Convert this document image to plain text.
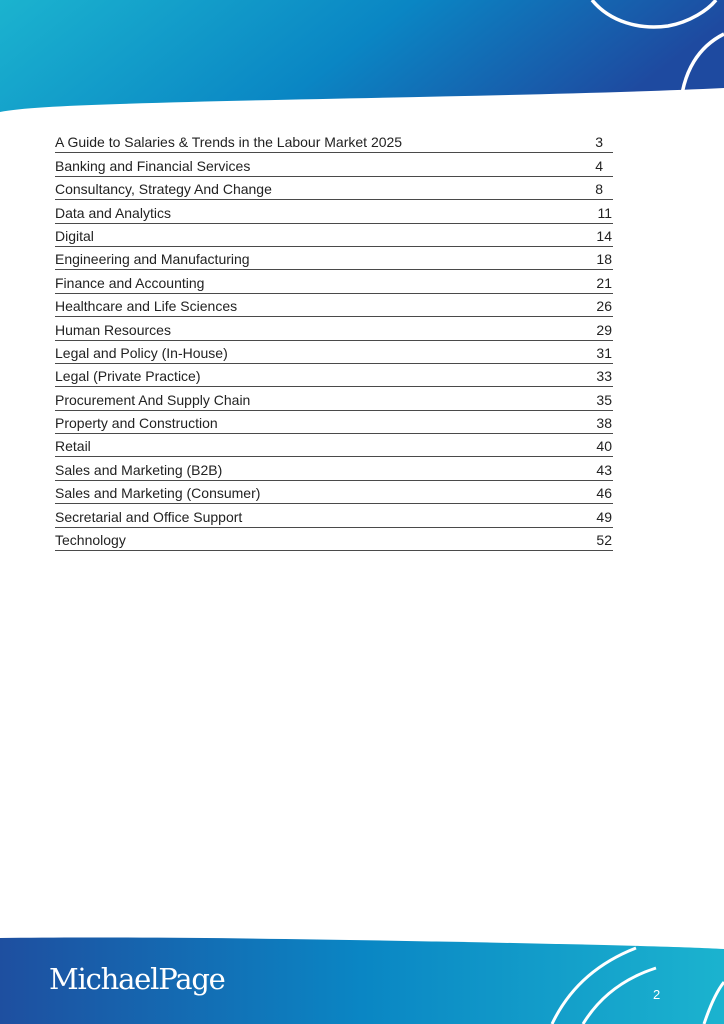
A Guide to Salaries & Trends in the Labour Market 2025	3
Banking and Financial Services	4
Consultancy, Strategy And Change	8
Data and Analytics	11
Digital	14
Engineering and Manufacturing	18
Finance and Accounting	21
Healthcare and Life Sciences	26
Human Resources	29
Legal and Policy (In-House)	31
Legal (Private Practice)	33
Procurement And Supply Chain	35
Property and Construction	38
Retail	40
Sales and Marketing (B2B)	43
Sales and Marketing (Consumer)	46
Secretarial and Office Support	49
Technology	52
MichaelPage	2
